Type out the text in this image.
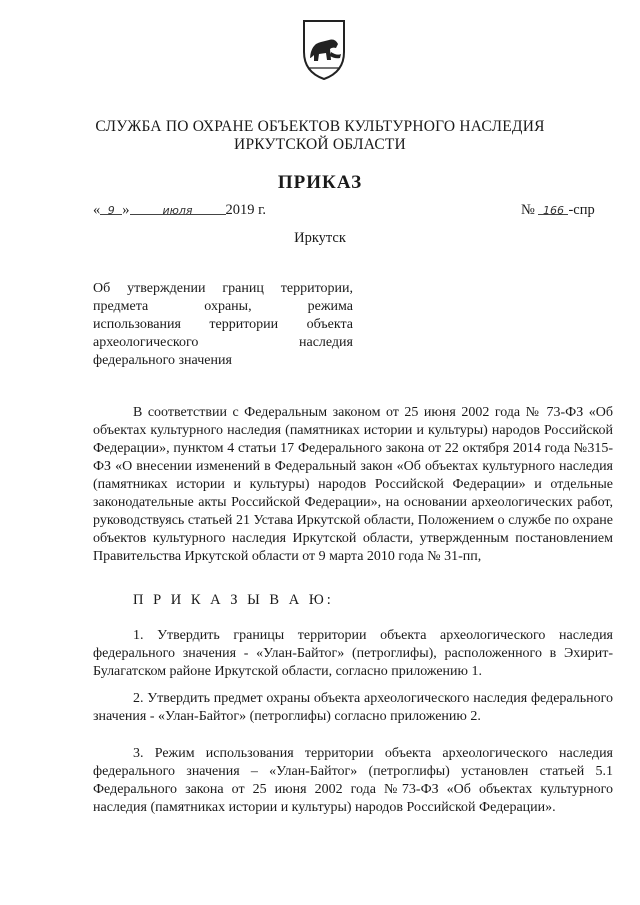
СЛУЖБА ПО ОХРАНЕ ОБЪЕКТОВ КУЛЬТУРНОГО НАСЛЕДИЯ
ИРКУТСКОЙ ОБЛАСТИ
ПРИКАЗ
« 9 »	июля 2019 г.	№ 166 -спр
Иркутск
Об утверждении границ территории,
предмета охраны, режима
использования территории объекта
археологического наследия
федерального значения
В соответствии с Федеральным законом от 25 июня 2002 года № 73-ФЗ «Об объектах культурного наследия (памятниках истории и культуры) народов Российской Федерации», пунктом 4 статьи 17 Федерального закона от 22 октября 2014 года №315-ФЗ «О внесении изменений в Федеральный закон «Об объектах культурного наследия (памятниках истории и культуры) народов Российской Федерации» и отдельные законодательные акты Российской Федерации», на основании археологических работ, руководствуясь статьей 21 Устава Иркутской области, Положением о службе по охране объектов культурного наследия Иркутской области, утвержденным постановлением Правительства Иркутской области от 9 марта 2010 года № 31-пп,
П Р И К А З Ы В А Ю:
1. Утвердить границы территории объекта археологического наследия федерального значения - «Улан-Байтог» (петроглифы), расположенного в Эхирит-Булагатском районе Иркутской области, согласно приложению 1.
2. Утвердить предмет охраны объекта археологического наследия федерального значения - «Улан-Байтог» (петроглифы) согласно приложению 2.
3. Режим использования территории объекта археологического наследия федерального значения – «Улан-Байтог» (петроглифы) установлен статьей 5.1 Федерального закона от 25 июня 2002 года №73-ФЗ «Об объектах культурного наследия (памятниках истории и культуры) народов Российской Федерации».
